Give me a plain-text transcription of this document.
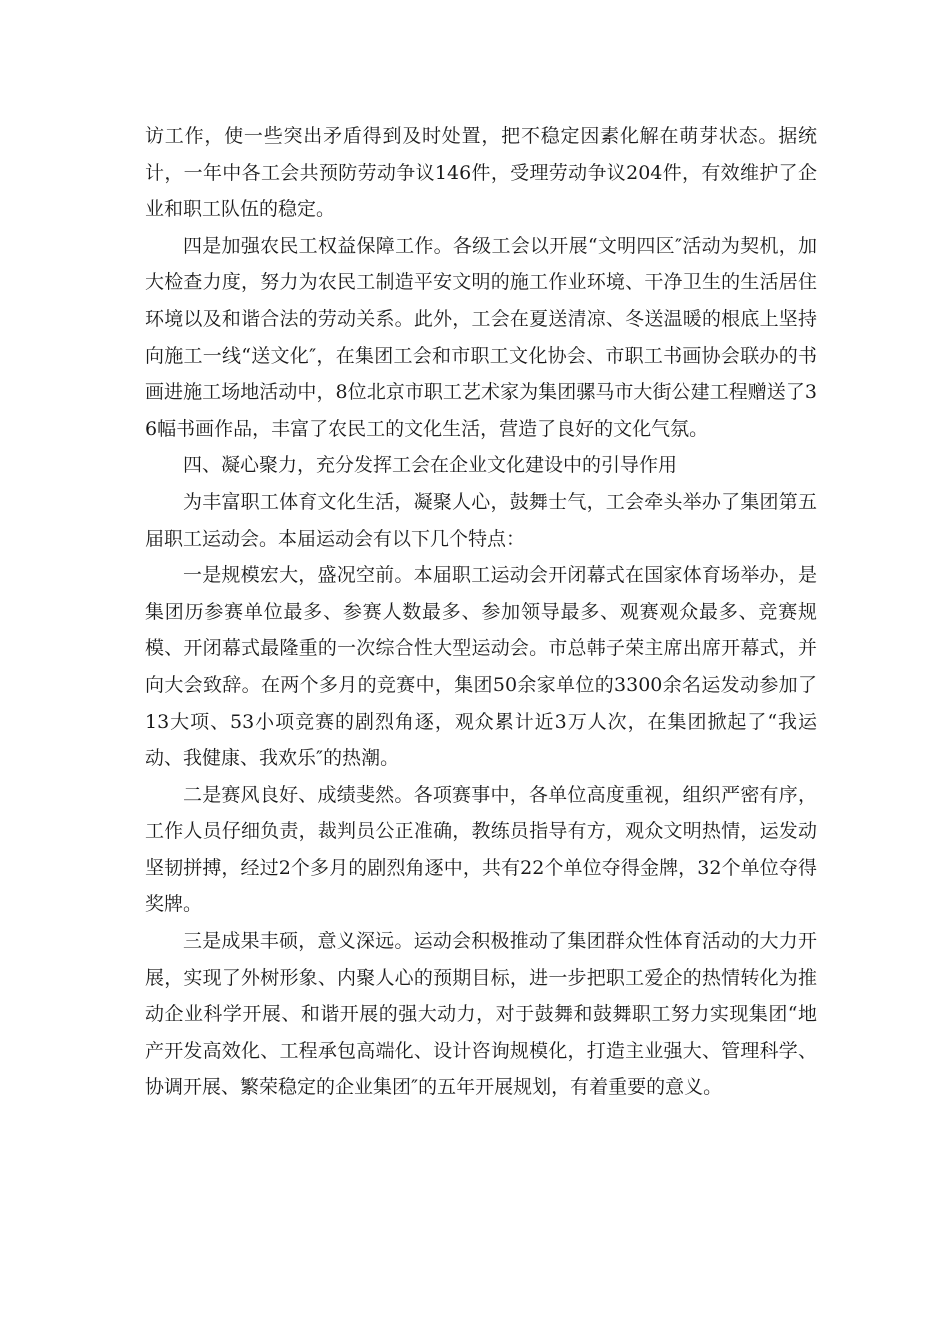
访工作，使一些突出矛盾得到及时处置，把不稳定因素化解在萌芽状态。据统计，一年中各工会共预防劳动争议146件，受理劳动争议204件，有效维护了企业和职工队伍的稳定。

四是加强农民工权益保障工作。各级工会以开展“文明四区″活动为契机，加大检查力度，努力为农民工制造平安文明的施工作业环境、干净卫生的生活居住环境以及和谐合法的劳动关系。此外，工会在夏送清凉、冬送温暖的根底上坚持向施工一线“送文化″，在集团工会和市职工文化协会、市职工书画协会联办的书画进施工场地活动中，8位北京市职工艺术家为集团骡马市大街公建工程赠送了36幅书画作品，丰富了农民工的文化生活，营造了良好的文化气氛。

四、凝心聚力，充分发挥工会在企业文化建设中的引导作用

为丰富职工体育文化生活，凝聚人心，鼓舞士气，工会牵头举办了集团第五届职工运动会。本届运动会有以下几个特点：

一是规模宏大，盛况空前。本届职工运动会开闭幕式在国家体育场举办，是集团历参赛单位最多、参赛人数最多、参加领导最多、观赛观众最多、竞赛规模、开闭幕式最隆重的一次综合性大型运动会。市总韩子荣主席出席开幕式，并向大会致辞。在两个多月的竞赛中，集团50余家单位的3300余名运发动参加了13大项、53小项竞赛的剧烈角逐，观众累计近3万人次，在集团掀起了“我运动、我健康、我欢乐″的热潮。

二是赛风良好、成绩斐然。各项赛事中，各单位高度重视，组织严密有序，工作人员仔细负责，裁判员公正准确，教练员指导有方，观众文明热情，运发动坚韧拼搏，经过2个多月的剧烈角逐中，共有22个单位夺得金牌，32个单位夺得奖牌。

三是成果丰硕，意义深远。运动会积极推动了集团群众性体育活动的大力开展，实现了外树形象、内聚人心的预期目标，进一步把职工爱企的热情转化为推动企业科学开展、和谐开展的强大动力，对于鼓舞和鼓舞职工努力实现集团“地产开发高效化、工程承包高端化、设计咨询规模化，打造主业强大、管理科学、协调开展、繁荣稳定的企业集团″的五年开展规划，有着重要的意义。
